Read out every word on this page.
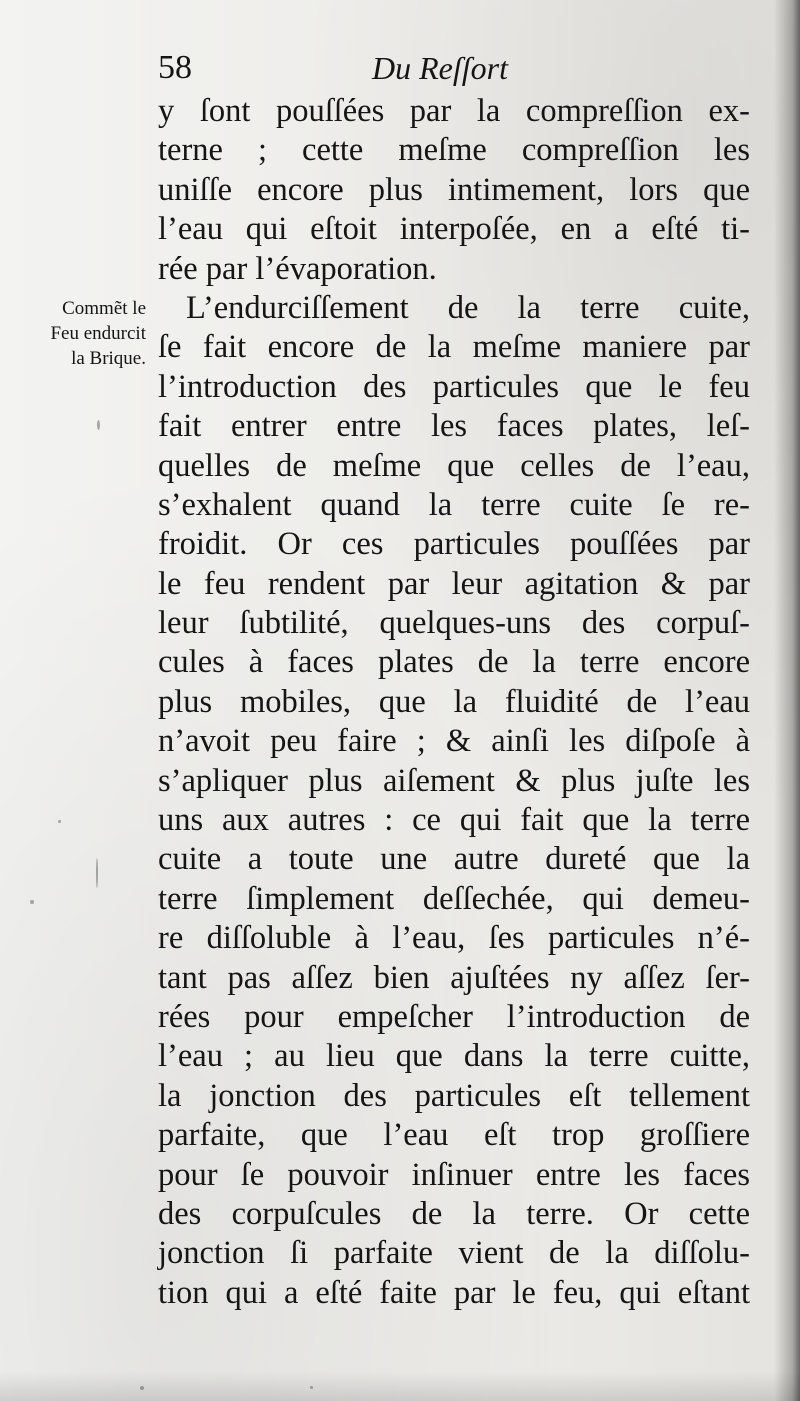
58	Du Reſſort
Commẽt le
Feu endurcit
la Brique.
y ſont pouſſées par la compreſſion ex-
terne ; cette meſme compreſſion les
uniſſe encore plus intimement, lors que
l’eau qui eſtoit interpoſée, en a eſté ti-
rée par l’évaporation.
L’endurciſſement de la terre cuite,
ſe fait encore de la meſme maniere par
l’introduction des particules que le feu
fait entrer entre les faces plates, leſ-
quelles de meſme que celles de l’eau,
s’exhalent quand la terre cuite ſe re-
froidit. Or ces particules pouſſées par
le feu rendent par leur agitation & par
leur ſubtilité, quelques-uns des corpuſ-
cules à faces plates de la terre encore
plus mobiles, que la fluidité de l’eau
n’avoit peu faire ; & ainſi les diſpoſe à
s’apliquer plus aiſement & plus juſte les
uns aux autres : ce qui fait que la terre
cuite a toute une autre dureté que la
terre ſimplement deſſechée, qui demeu-
re diſſoluble à l’eau, ſes particules n’é-
tant pas aſſez bien ajuſtées ny aſſez ſer-
rées pour empeſcher l’introduction de
l’eau ; au lieu que dans la terre cuitte,
la jonction des particules eſt tellement
parfaite, que l’eau eſt trop groſſiere
pour ſe pouvoir inſinuer entre les faces
des corpuſcules de la terre. Or cette
jonction ſi parfaite vient de la diſſolu-
tion qui a eſté faite par le feu, qui eſtant
